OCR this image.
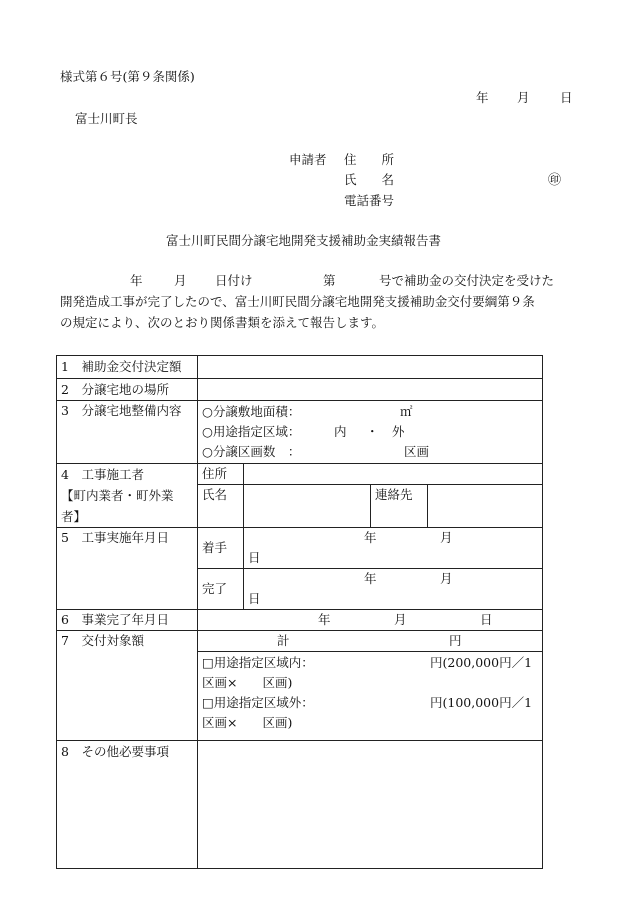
様式第６号(第９条関係)
年 月 日
富士川町長
申請者 住　　所
氏　　名	㊞
電話番号
富士川町民間分譲宅地開発支援補助金実績報告書
年	月 日付け	第	号で補助金の交付決定を受けた
開発造成工事が完了したので、富士川町民間分譲宅地開発支援補助金交付要綱第９条
の規定により、次のとおり関係書類を添えて報告します。
1　補助金交付決定額				
2　分譲宅地の場所				
3　分譲宅地整備内容	○分譲敷地面積： ㎡
○用途指定区域： 内 ・ 外
○分譲区画数　： 区画			

4　工事施工者
【町内業者・町外業
者】	住所			
	氏名		連絡先	
5　工事実施年月日	着手	年 月日		
	完了	年 月日		
6　事業完了年月日	年 月 日			
7　交付対象額	計 円			

	□用途指定区域内： 円(200,000円／1
区画×　　区画)
□用途指定区域外： 円(100,000円／1
区画×　　区画)			

8　その他必要事項				
